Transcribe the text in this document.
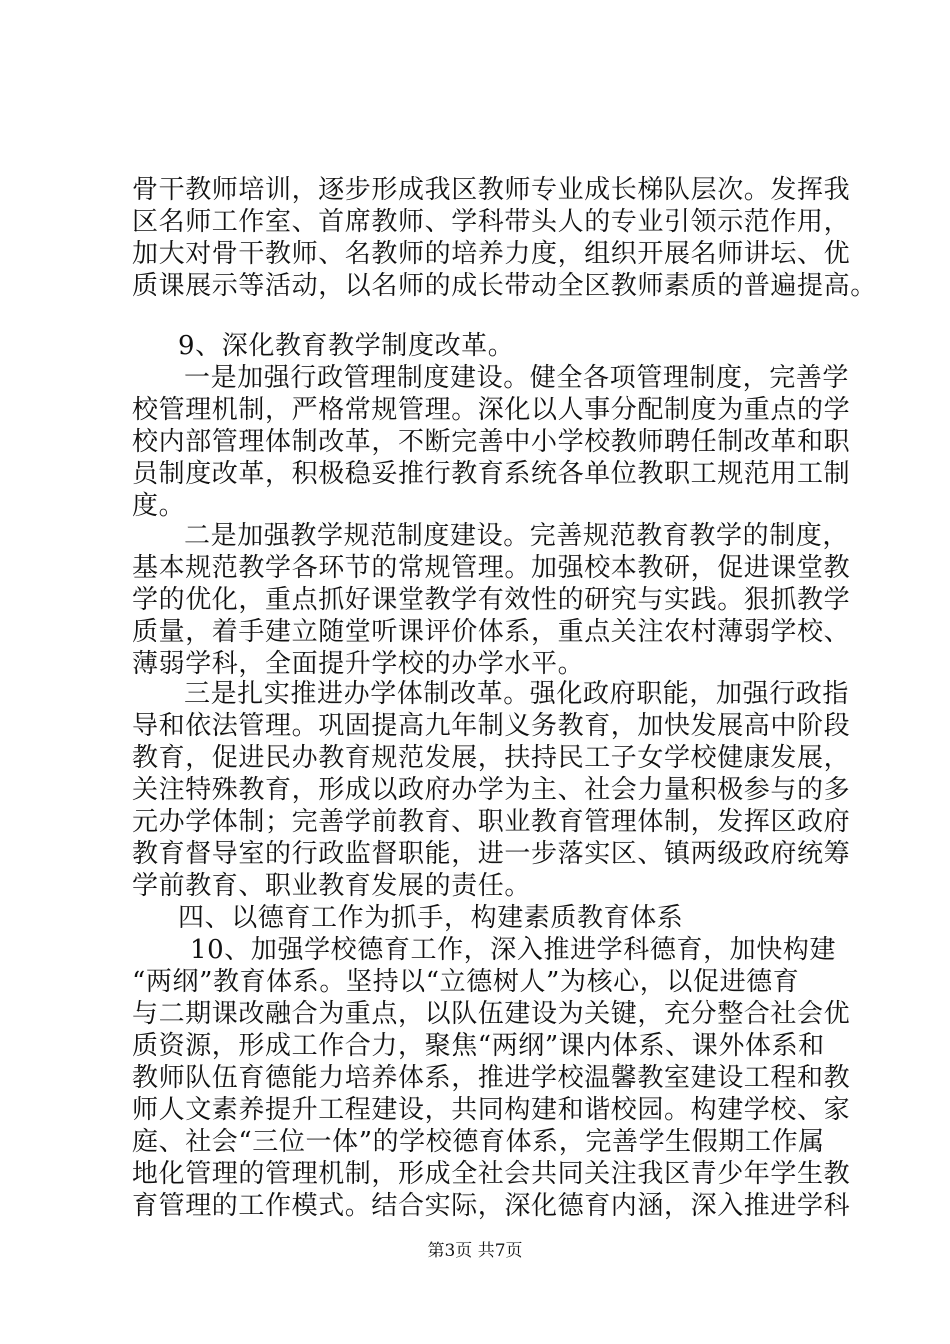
骨干教师培训，逐步形成我区教师专业成长梯队层次。发挥我
区名师工作室、首席教师、学科带头人的专业引领示范作用，
加大对骨干教师、名教师的培养力度，组织开展名师讲坛、优
质课展示等活动，以名师的成长带动全区教师素质的普遍提高。
9、深化教育教学制度改革。
一是加强行政管理制度建设。健全各项管理制度，完善学
校管理机制，严格常规管理。深化以人事分配制度为重点的学
校内部管理体制改革，不断完善中小学校教师聘任制改革和职
员制度改革，积极稳妥推行教育系统各单位教职工规范用工制
度。
二是加强教学规范制度建设。完善规范教育教学的制度，
基本规范教学各环节的常规管理。加强校本教研，促进课堂教
学的优化，重点抓好课堂教学有效性的研究与实践。狠抓教学
质量，着手建立随堂听课评价体系，重点关注农村薄弱学校、
薄弱学科，全面提升学校的办学水平。
三是扎实推进办学体制改革。强化政府职能，加强行政指
导和依法管理。巩固提高九年制义务教育，加快发展高中阶段
教育，促进民办教育规范发展，扶持民工子女学校健康发展，
关注特殊教育，形成以政府办学为主、社会力量积极参与的多
元办学体制；完善学前教育、职业教育管理体制，发挥区政府
教育督导室的行政监督职能，进一步落实区、镇两级政府统筹
学前教育、职业教育发展的责任。
四、以德育工作为抓手，构建素质教育体系
10、加强学校德育工作，深入推进学科德育，加快构建
“两纲”教育体系。坚持以“立德树人”为核心，以促进德育
与二期课改融合为重点，以队伍建设为关键，充分整合社会优
质资源，形成工作合力，聚焦“两纲”课内体系、课外体系和
教师队伍育德能力培养体系，推进学校温馨教室建设工程和教
师人文素养提升工程建设，共同构建和谐校园。构建学校、家
庭、社会“三位一体”的学校德育体系，完善学生假期工作属
地化管理的管理机制，形成全社会共同关注我区青少年学生教
育管理的工作模式。结合实际，深化德育内涵，深入推进学科
第3页 共7页
